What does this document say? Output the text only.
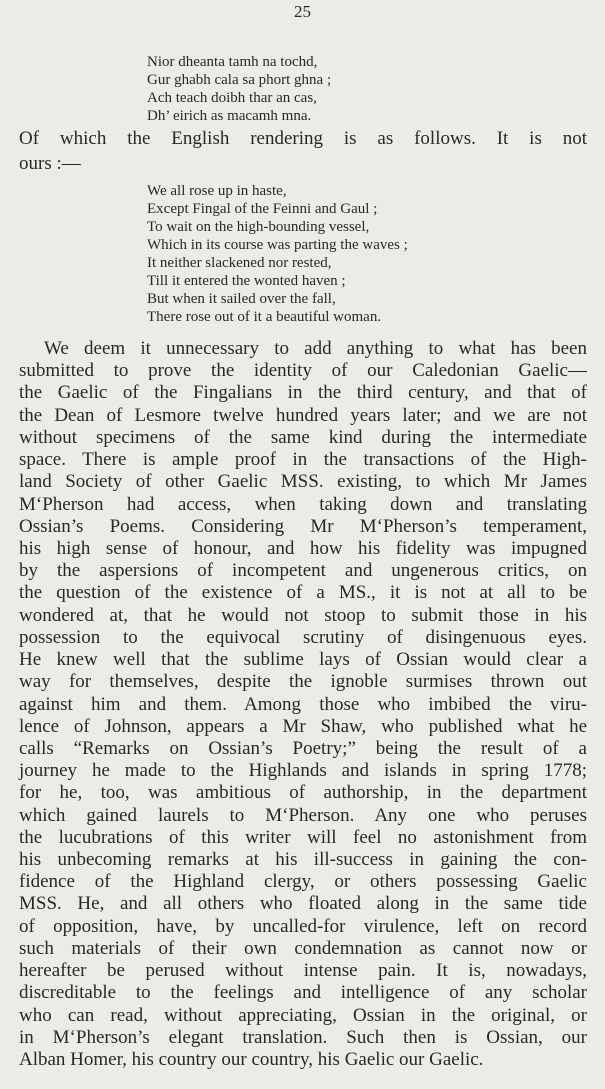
25
Nior dheanta tamh na tochd,
Gur ghabh cala sa phort ghna ;
Ach teach doibh thar an cas,
Dh’ eirich as macamh mna.
Of which the English rendering is as follows. It is not
ours :—
We all rose up in haste,
Except Fingal of the Feinni and Gaul ;
To wait on the high-bounding vessel,
Which in its course was parting the waves ;
It neither slackened nor rested,
Till it entered the wonted haven ;
But when it sailed over the fall,
There rose out of it a beautiful woman.
We deem it unnecessary to add anything to what has been
submitted to prove the identity of our Caledonian Gaelic—
the Gaelic of the Fingalians in the third century, and that of
the Dean of Lesmore twelve hundred years later; and we are not
without specimens of the same kind during the intermediate
space. There is ample proof in the transactions of the High-
land Society of other Gaelic MSS. existing, to which Mr James
M‘Pherson had access, when taking down and translating
Ossian’s Poems. Considering Mr M‘Pherson’s temperament,
his high sense of honour, and how his fidelity was impugned
by the aspersions of incompetent and ungenerous critics, on
the question of the existence of a MS., it is not at all to be
wondered at, that he would not stoop to submit those in his
possession to the equivocal scrutiny of disingenuous eyes.
He knew well that the sublime lays of Ossian would clear a
way for themselves, despite the ignoble surmises thrown out
against him and them. Among those who imbibed the viru-
lence of Johnson, appears a Mr Shaw, who published what he
calls “Remarks on Ossian’s Poetry;” being the result of a
journey he made to the Highlands and islands in spring 1778;
for he, too, was ambitious of authorship, in the department
which gained laurels to M‘Pherson. Any one who peruses
the lucubrations of this writer will feel no astonishment from
his unbecoming remarks at his ill-success in gaining the con-
fidence of the Highland clergy, or others possessing Gaelic
MSS. He, and all others who floated along in the same tide
of opposition, have, by uncalled-for virulence, left on record
such materials of their own condemnation as cannot now or
hereafter be perused without intense pain. It is, nowadays,
discreditable to the feelings and intelligence of any scholar
who can read, without appreciating, Ossian in the original, or
in M‘Pherson’s elegant translation. Such then is Ossian, our
Alban Homer, his country our country, his Gaelic our Gaelic.
